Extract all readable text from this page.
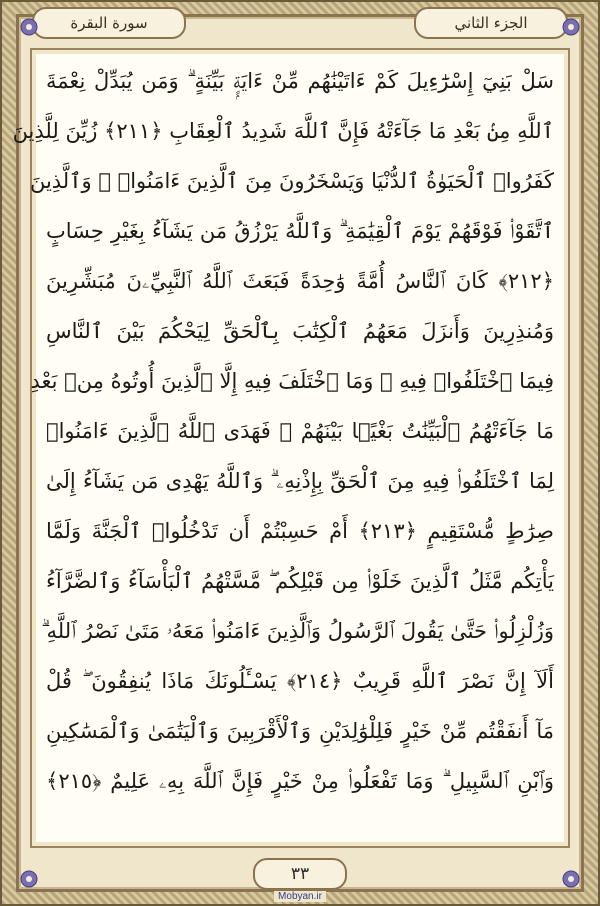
سورة البقرة	الجزء الثاني
سَلْ بَنِيٓ إِسْرَٰٓءِيلَ كَمْ ءَاتَيْنَٰهُم مِّنْ ءَايَةٍۭ بَيِّنَةٍ ۗ وَمَن يُبَدِّلْ نِعْمَةَ
ٱللَّهِ مِنۢ بَعْدِ مَا جَآءَتْهُ فَإِنَّ ٱللَّهَ شَدِيدُ ٱلْعِقَابِ ﴿٢١١﴾ زُيِّنَ لِلَّذِينَ
كَفَرُوا۟ ٱلْحَيَوٰةُ ٱلدُّنْيَا وَيَسْخَرُونَ مِنَ ٱلَّذِينَ ءَامَنُوا۟ ۘ وَٱلَّذِينَ
ٱتَّقَوْا۟ فَوْقَهُمْ يَوْمَ ٱلْقِيَٰمَةِ ۗ وَٱللَّهُ يَرْزُقُ مَن يَشَآءُ بِغَيْرِ حِسَابٍ
﴿٢١٢﴾ كَانَ ٱلنَّاسُ أُمَّةً وَٰحِدَةً فَبَعَثَ ٱللَّهُ ٱلنَّبِيِّۦنَ مُبَشِّرِينَ
وَمُنذِرِينَ وَأَنزَلَ مَعَهُمُ ٱلْكِتَٰبَ بِٱلْحَقِّ لِيَحْكُمَ بَيْنَ ٱلنَّاسِ
فِيمَا ٱخْتَلَفُوا۟ فِيهِ ۚ وَمَا ٱخْتَلَفَ فِيهِ إِلَّا ٱلَّذِينَ أُوتُوهُ مِنۢ بَعْدِ
مَا جَآءَتْهُمُ ٱلْبَيِّنَٰتُ بَغْيًۢا بَيْنَهُمْ ۖ فَهَدَى ٱللَّهُ ٱلَّذِينَ ءَامَنُوا۟
لِمَا ٱخْتَلَفُوا۟ فِيهِ مِنَ ٱلْحَقِّ بِإِذْنِهِۦ ۗ وَٱللَّهُ يَهْدِى مَن يَشَآءُ إِلَىٰ
صِرَٰطٍ مُّسْتَقِيمٍ ﴿٢١٣﴾ أَمْ حَسِبْتُمْ أَن تَدْخُلُوا۟ ٱلْجَنَّةَ وَلَمَّا
يَأْتِكُم مَّثَلُ ٱلَّذِينَ خَلَوْا۟ مِن قَبْلِكُم ۖ مَّسَّتْهُمُ ٱلْبَأْسَآءُ وَٱلضَّرَّآءُ
وَزُلْزِلُوا۟ حَتَّىٰ يَقُولَ ٱلرَّسُولُ وَٱلَّذِينَ ءَامَنُوا۟ مَعَهُۥ مَتَىٰ نَصْرُ ٱللَّهِ ۗ
أَلَآ إِنَّ نَصْرَ ٱللَّهِ قَرِيبٌ ﴿٢١٤﴾ يَسْـَٔلُونَكَ مَاذَا يُنفِقُونَ ۖ قُلْ
مَآ أَنفَقْتُم مِّنْ خَيْرٍ فَلِلْوَٰلِدَيْنِ وَٱلْأَقْرَبِينَ وَٱلْيَتَٰمَىٰ وَٱلْمَسَٰكِينِ
وَٱبْنِ ٱلسَّبِيلِ ۗ وَمَا تَفْعَلُوا۟ مِنْ خَيْرٍ فَإِنَّ ٱللَّهَ بِهِۦ عَلِيمٌ ﴿٢١٥﴾
٣٣
Mobyan.ir
